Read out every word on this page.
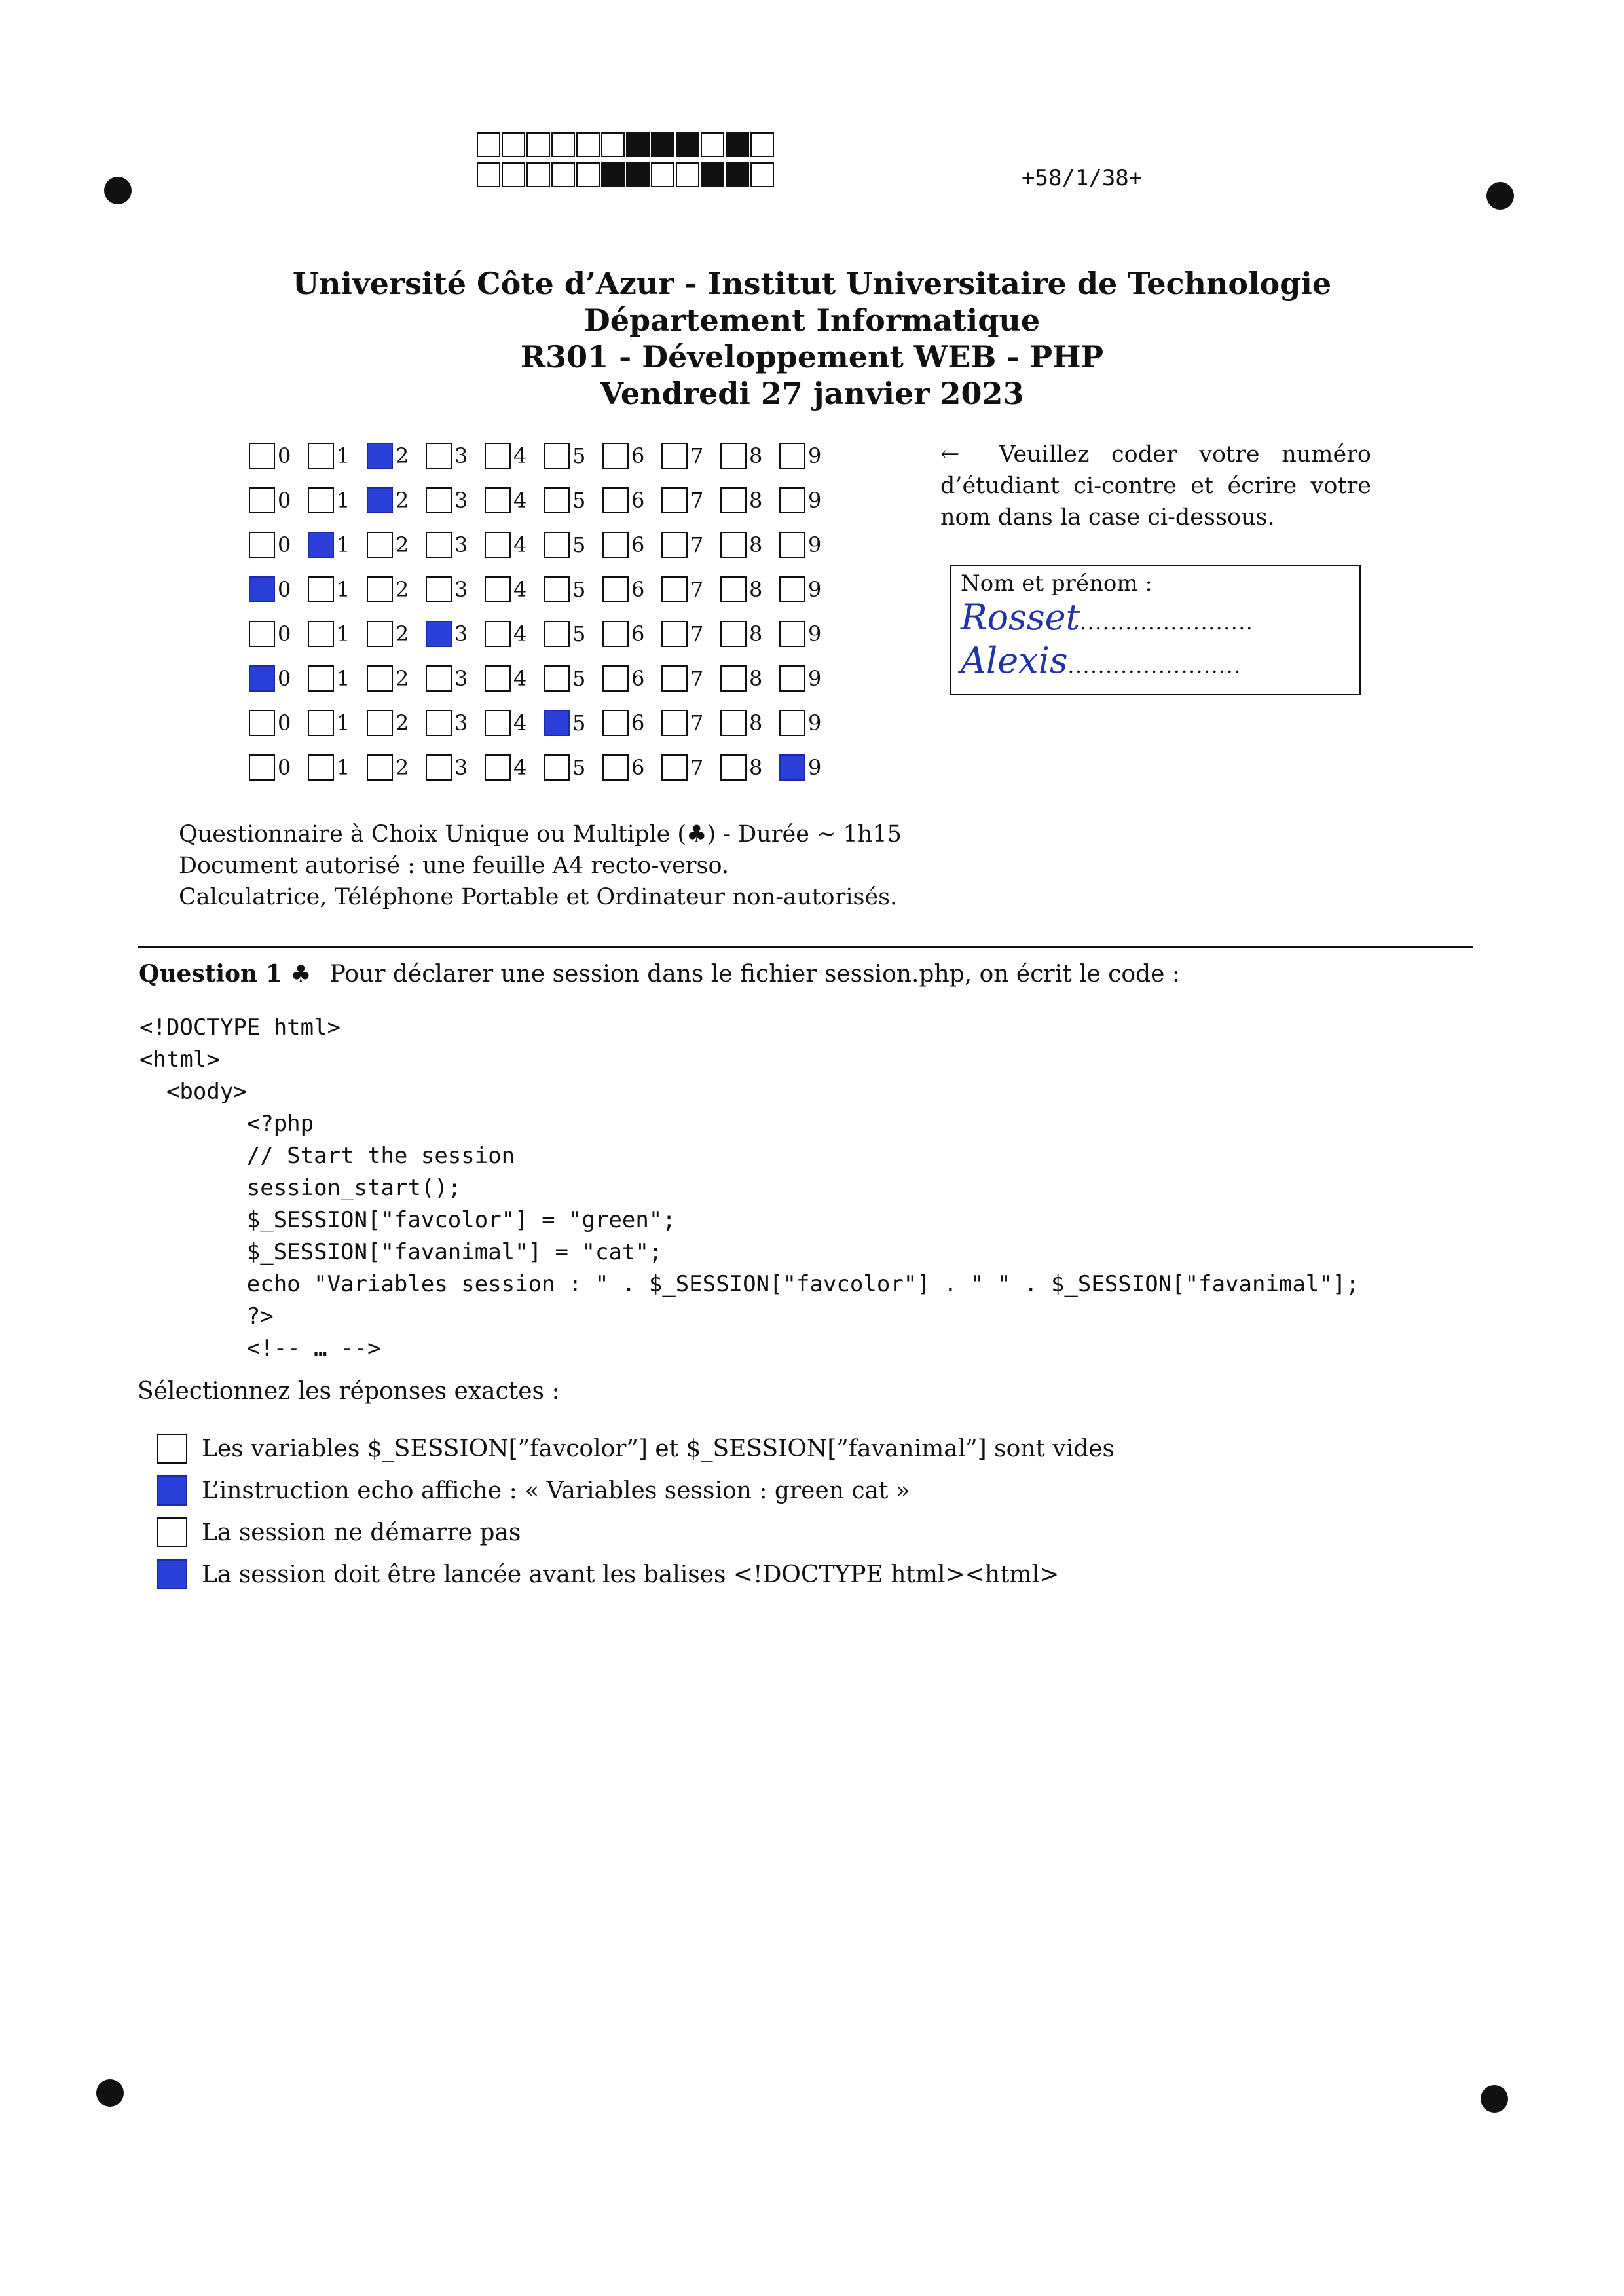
+58/1/38+
Université Côte d’Azur - Institut Universitaire de Technologie
Département Informatique
R301 - Développement WEB - PHP
Vendredi 27 janvier 2023
0 1 2 3 4 5 6 7 8 9
0 1 2 3 4 5 6 7 8 9
0 1 2 3 4 5 6 7 8 9
0 1 2 3 4 5 6 7 8 9
0 1 2 3 4 5 6 7 8 9
0 1 2 3 4 5 6 7 8 9
0 1 2 3 4 5 6 7 8 9
0 1 2 3 4 5 6 7 8 9
← Veuillez coder votre numéro d’étudiant ci-contre et écrire votre nom dans la case ci-dessous.
Nom et prénom :
Rosset.......................
Alexis.......................
Questionnaire à Choix Unique ou Multiple (♣) - Durée ∼ 1h15
Document autorisé : une feuille A4 recto-verso.
Calculatrice, Téléphone Portable et Ordinateur non-autorisés.
Question 1 ♣ Pour déclarer une session dans le fichier session.php, on écrit le code :
<!DOCTYPE html>
<html>
<body>
<?php
// Start the session
session_start();
$_SESSION["favcolor"] = "green";
$_SESSION["favanimal"] = "cat";
echo "Variables session : " . $_SESSION["favcolor"] . " " . $_SESSION["favanimal"];
?>
<!-- … -->
Sélectionnez les réponses exactes :
Les variables $_SESSION[”favcolor”] et $_SESSION[”favanimal”] sont vides
L’instruction echo affiche : « Variables session : green cat »
La session ne démarre pas
La session doit être lancée avant les balises <!DOCTYPE html><html>
